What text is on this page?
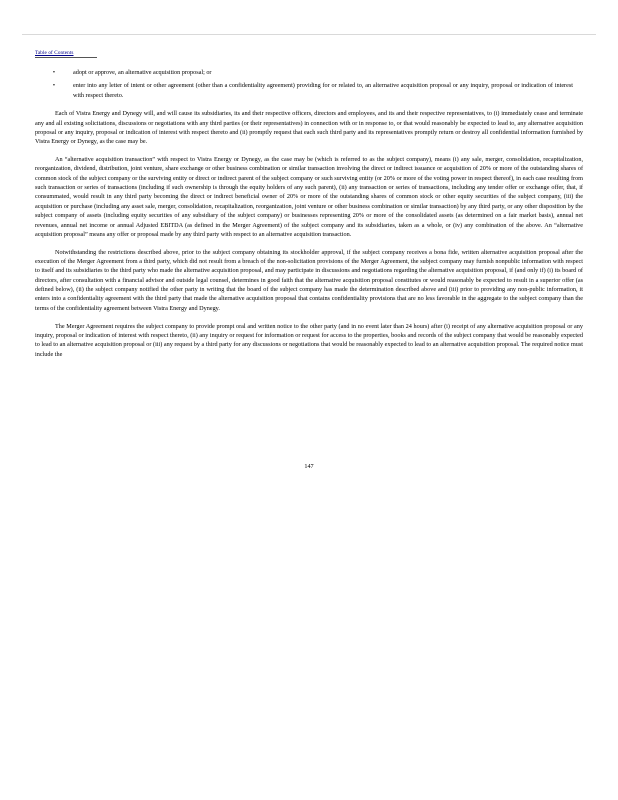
Table of Contents
•	adopt or approve, an alternative acquisition proposal; or
•	enter into any letter of intent or other agreement (other than a confidentiality agreement) providing for or related to, an alternative acquisition proposal or any inquiry, proposal or indication of interest with respect thereto.

Each of Vistra Energy and Dynegy will, and will cause its subsidiaries, its and their respective officers, directors and employees, and its and their respective representatives, to (i) immediately cease and terminate any and all existing solicitations, discussions or negotiations with any third parties (or their representatives) in connection with or in response to, or that would reasonably be expected to lead to, any alternative acquisition proposal or any inquiry, proposal or indication of interest with respect thereto and (ii) promptly request that each such third party and its representatives promptly return or destroy all confidential information furnished by Vistra Energy or Dynegy, as the case may be.

An “alternative acquisition transaction” with respect to Vistra Energy or Dynegy, as the case may be (which is referred to as the subject company), means (i) any sale, merger, consolidation, recapitalization, reorganization, dividend, distribution, joint venture, share exchange or other business combination or similar transaction involving the direct or indirect issuance or acquisition of 20% or more of the outstanding shares of common stock of the subject company or the surviving entity or direct or indirect parent of the subject company or such surviving entity (or 20% or more of the voting power in respect thereof), in each case resulting from such transaction or series of transactions (including if such ownership is through the equity holders of any such parent), (ii) any transaction or series of transactions, including any tender offer or exchange offer, that, if consummated, would result in any third party becoming the direct or indirect beneficial owner of 20% or more of the outstanding shares of common stock or other equity securities of the subject company, (iii) the acquisition or purchase (including any asset sale, merger, consolidation, recapitalization, reorganization, joint venture or other business combination or similar transaction) by any third party, or any other disposition by the subject company of assets (including equity securities of any subsidiary of the subject company) or businesses representing 20% or more of the consolidated assets (as determined on a fair market basis), annual net revenues, annual net income or annual Adjusted EBITDA (as defined in the Merger Agreement) of the subject company and its subsidiaries, taken as a whole, or (iv) any combination of the above. An “alternative acquisition proposal” means any offer or proposal made by any third party with respect to an alternative acquisition transaction.

Notwithstanding the restrictions described above, prior to the subject company obtaining its stockholder approval, if the subject company receives a bona fide, written alternative acquisition proposal after the execution of the Merger Agreement from a third party, which did not result from a breach of the non-solicitation provisions of the Merger Agreement, the subject company may furnish nonpublic information with respect to itself and its subsidiaries to the third party who made the alternative acquisition proposal, and may participate in discussions and negotiations regarding the alternative acquisition proposal, if (and only if) (i) its board of directors, after consultation with a financial advisor and outside legal counsel, determines in good faith that the alternative acquisition proposal constitutes or would reasonably be expected to result in a superior offer (as defined below), (ii) the subject company notified the other party in writing that the board of the subject company has made the determination described above and (iii) prior to providing any non-public information, it enters into a confidentiality agreement with the third party that made the alternative acquisition proposal that contains confidentiality provisions that are no less favorable in the aggregate to the subject company than the terms of the confidentiality agreement between Vistra Energy and Dynegy.

The Merger Agreement requires the subject company to provide prompt oral and written notice to the other party (and in no event later than 24 hours) after (i) receipt of any alternative acquisition proposal or any inquiry, proposal or indication of interest with respect thereto, (ii) any inquiry or request for information or request for access to the properties, books and records of the subject company that would be reasonably expected to lead to an alternative acquisition proposal or (iii) any request by a third party for any discussions or negotiations that would be reasonably expected to lead to an alternative acquisition proposal. The required notice must include the

147
